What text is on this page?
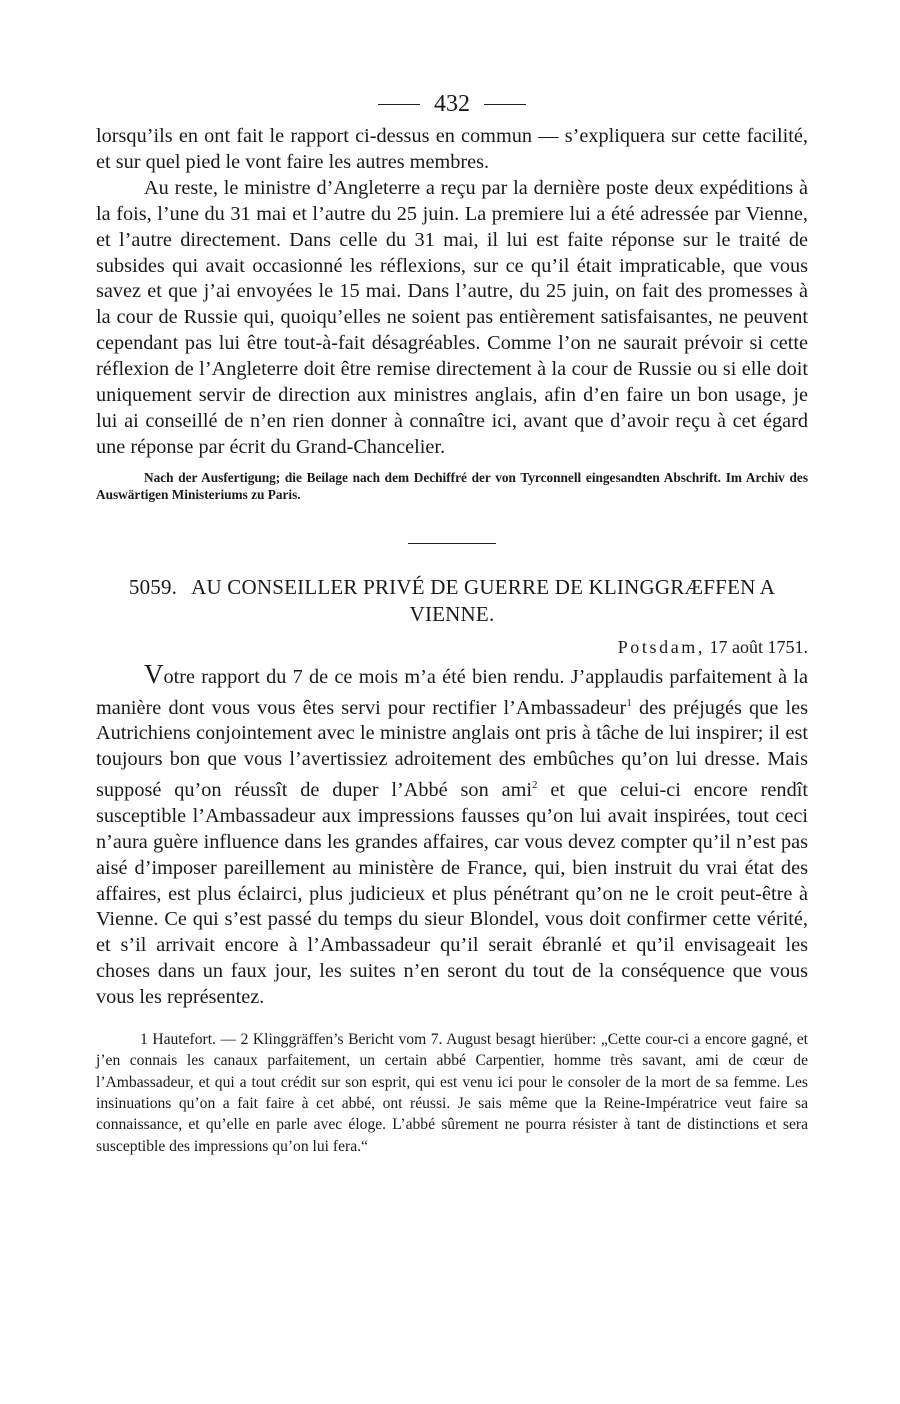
432

lorsqu’ils en ont fait le rapport ci-dessus en commun — s’expliquera sur cette facilité, et sur quel pied le vont faire les autres membres.

Au reste, le ministre d’Angleterre a reçu par la dernière poste deux expéditions à la fois, l’une du 31 mai et l’autre du 25 juin. La premiere lui a été adressée par Vienne, et l’autre directement. Dans celle du 31 mai, il lui est faite réponse sur le traité de subsides qui avait occasionné les réflexions, sur ce qu’il était impraticable, que vous savez et que j’ai envoyées le 15 mai. Dans l’autre, du 25 juin, on fait des promesses à la cour de Russie qui, quoiqu’elles ne soient pas entièrement satisfaisantes, ne peuvent cependant pas lui être tout-à-fait désagréables. Comme l’on ne saurait prévoir si cette réflexion de l’Angleterre doit être remise directement à la cour de Russie ou si elle doit uniquement servir de direction aux ministres anglais, afin d’en faire un bon usage, je lui ai conseillé de n’en rien donner à connaître ici, avant que d’avoir reçu à cet égard une réponse par écrit du Grand-Chancelier.

Nach der Ausfertigung; die Beilage nach dem Dechiffré der von Tyrconnell eingesandten Abschrift. Im Archiv des Auswärtigen Ministeriums zu Paris.

5059. AU CONSEILLER PRIVÉ DE GUERRE DE KLINGGRÆFFEN A VIENNE.
Potsdam, 17 août 1751.

Votre rapport du 7 de ce mois m’a été bien rendu. J’applaudis parfaitement à la manière dont vous vous êtes servi pour rectifier l’Ambassadeur$^1$ des préjugés que les Autrichiens conjointement avec le ministre anglais ont pris à tâche de lui inspirer; il est toujours bon que vous l’avertissiez adroitement des embûches qu’on lui dresse. Mais supposé qu’on réussît de duper l’Abbé son ami$^2$ et que celui-ci encore rendît susceptible l’Ambassadeur aux impressions fausses qu’on lui avait inspirées, tout ceci n’aura guère influence dans les grandes affaires, car vous devez compter qu’il n’est pas aisé d’imposer pareillement au ministère de France, qui, bien instruit du vrai état des affaires, est plus éclairci, plus judicieux et plus pénétrant qu’on ne le croit peut-être à Vienne. Ce qui s’est passé du temps du sieur Blondel, vous doit confirmer cette vérité, et s’il arrivait encore à l’Ambassadeur qu’il serait ébranlé et qu’il envisageait les choses dans un faux jour, les suites n’en seront du tout de la conséquence que vous vous les représentez.

1 Hautefort. — 2 Klinggräffen’s Bericht vom 7. August besagt hierüber: „Cette cour-ci a encore gagné, et j’en connais les canaux parfaitement, un certain abbé Carpentier, homme très savant, ami de cœur de l’Ambassadeur, et qui a tout crédit sur son esprit, qui est venu ici pour le consoler de la mort de sa femme. Les insinuations qu’on a fait faire à cet abbé, ont réussi. Je sais même que la Reine-Impératrice veut faire sa connaissance, et qu’elle en parle avec éloge. L’abbé sûrement ne pourra résister à tant de distinctions et sera susceptible des impressions qu’on lui fera.“
